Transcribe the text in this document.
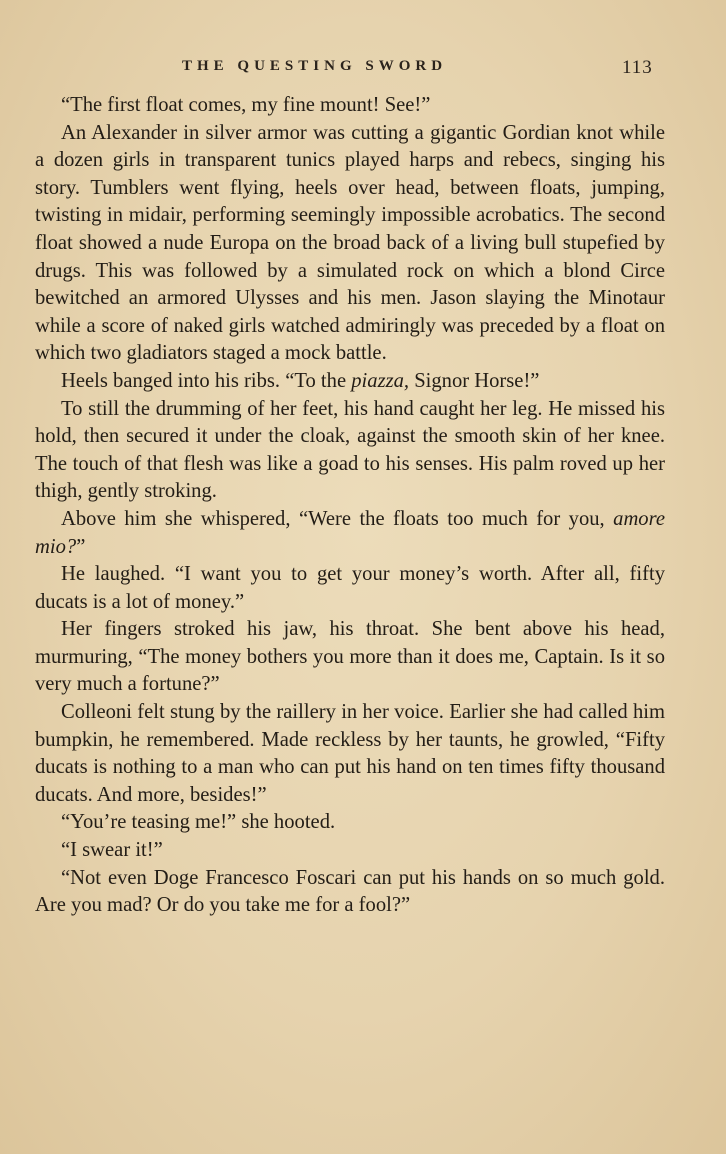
THE QUESTING SWORD	113

“The first float comes, my fine mount! See!”

An Alexander in silver armor was cutting a gigantic Gordian knot while a dozen girls in transparent tunics played harps and rebecs, singing his story. Tumblers went flying, heels over head, between floats, jumping, twisting in midair, performing seemingly impossible acrobatics. The second float showed a nude Europa on the broad back of a living bull stupefied by drugs. This was followed by a simulated rock on which a blond Circe bewitched an armored Ulysses and his men. Jason slaying the Minotaur while a score of naked girls watched admiringly was preceded by a float on which two gladiators staged a mock battle.

Heels banged into his ribs. “To the piazza, Signor Horse!”

To still the drumming of her feet, his hand caught her leg. He missed his hold, then secured it under the cloak, against the smooth skin of her knee. The touch of that flesh was like a goad to his senses. His palm roved up her thigh, gently stroking.

Above him she whispered, “Were the floats too much for you, amore mio?”

He laughed. “I want you to get your money’s worth. After all, fifty ducats is a lot of money.”

Her fingers stroked his jaw, his throat. She bent above his head, murmuring, “The money bothers you more than it does me, Captain. Is it so very much a fortune?”

Colleoni felt stung by the raillery in her voice. Earlier she had called him bumpkin, he remembered. Made reckless by her taunts, he growled, “Fifty ducats is nothing to a man who can put his hand on ten times fifty thousand ducats. And more, besides!”

“You’re teasing me!” she hooted.

“I swear it!”

“Not even Doge Francesco Foscari can put his hands on so much gold. Are you mad? Or do you take me for a fool?”
